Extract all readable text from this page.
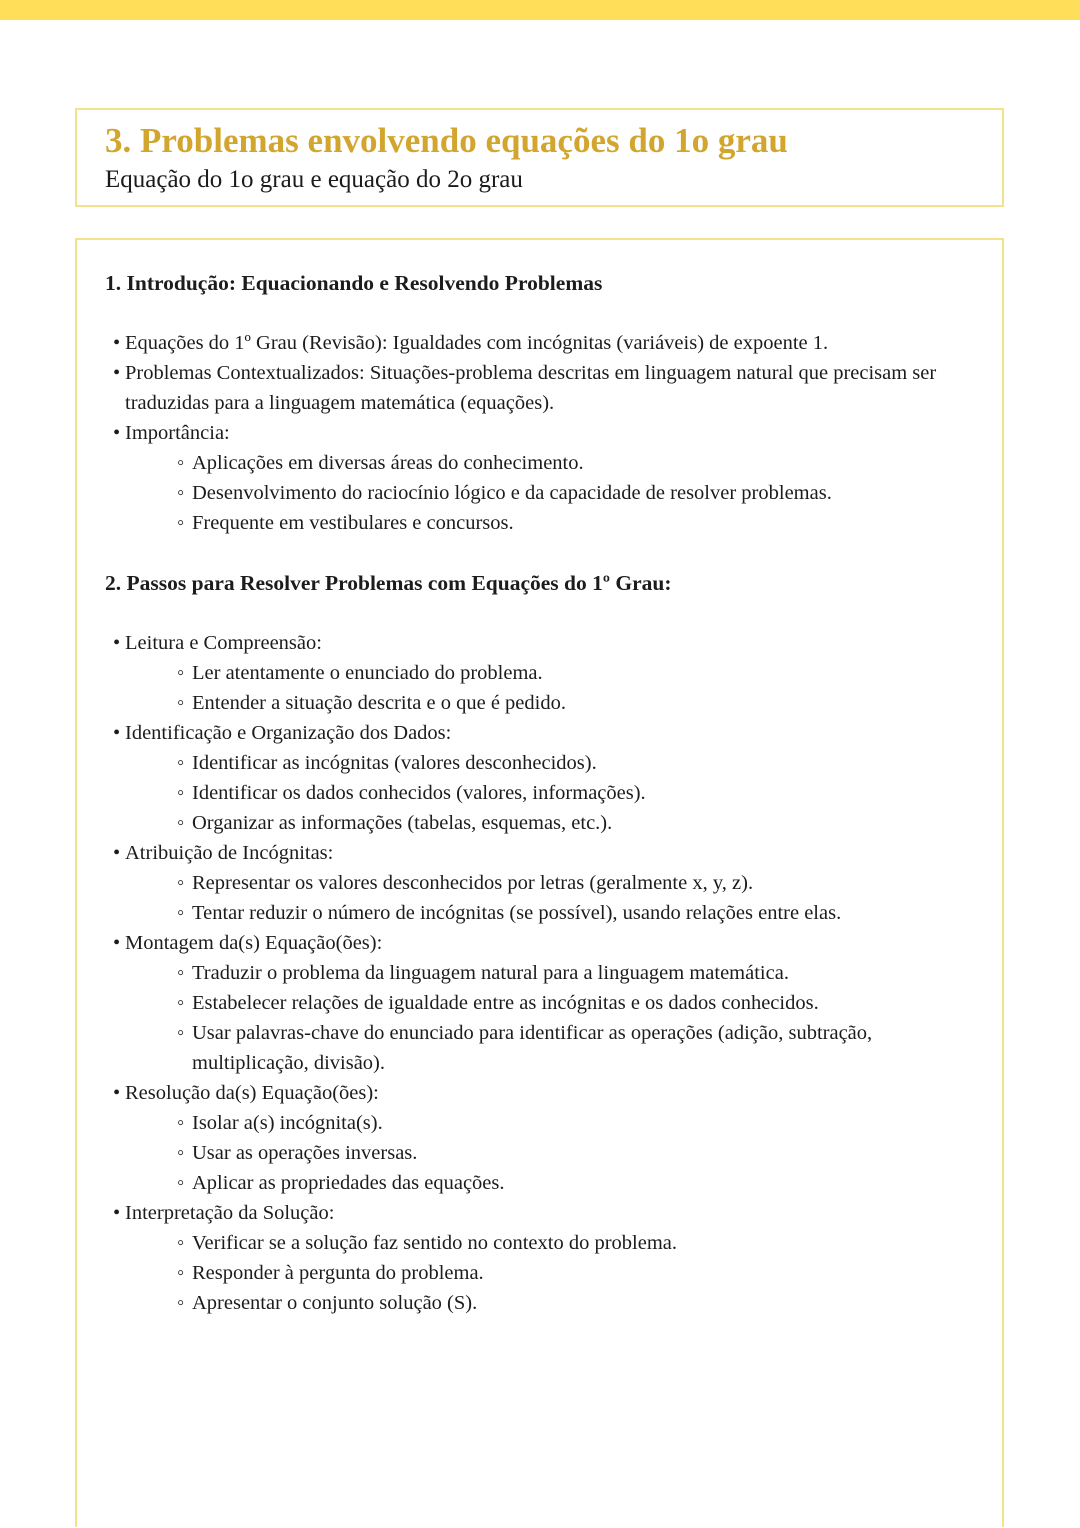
3. Problemas envolvendo equações do 1o grau
Equação do 1o grau e equação do 2o grau
1. Introdução: Equacionando e Resolvendo Problemas
• Equações do 1º Grau (Revisão): Igualdades com incógnitas (variáveis) de expoente 1.
• Problemas Contextualizados: Situações-problema descritas em linguagem natural que precisam ser traduzidas para a linguagem matemática (equações).
• Importância:
◦ Aplicações em diversas áreas do conhecimento.
◦ Desenvolvimento do raciocínio lógico e da capacidade de resolver problemas.
◦ Frequente em vestibulares e concursos.
2. Passos para Resolver Problemas com Equações do 1º Grau:
• Leitura e Compreensão:
◦ Ler atentamente o enunciado do problema.
◦ Entender a situação descrita e o que é pedido.
• Identificação e Organização dos Dados:
◦ Identificar as incógnitas (valores desconhecidos).
◦ Identificar os dados conhecidos (valores, informações).
◦ Organizar as informações (tabelas, esquemas, etc.).
• Atribuição de Incógnitas:
◦ Representar os valores desconhecidos por letras (geralmente x, y, z).
◦ Tentar reduzir o número de incógnitas (se possível), usando relações entre elas.
• Montagem da(s) Equação(ões):
◦ Traduzir o problema da linguagem natural para a linguagem matemática.
◦ Estabelecer relações de igualdade entre as incógnitas e os dados conhecidos.
◦ Usar palavras-chave do enunciado para identificar as operações (adição, subtração, multiplicação, divisão).
• Resolução da(s) Equação(ões):
◦ Isolar a(s) incógnita(s).
◦ Usar as operações inversas.
◦ Aplicar as propriedades das equações.
• Interpretação da Solução:
◦ Verificar se a solução faz sentido no contexto do problema.
◦ Responder à pergunta do problema.
◦ Apresentar o conjunto solução (S).
